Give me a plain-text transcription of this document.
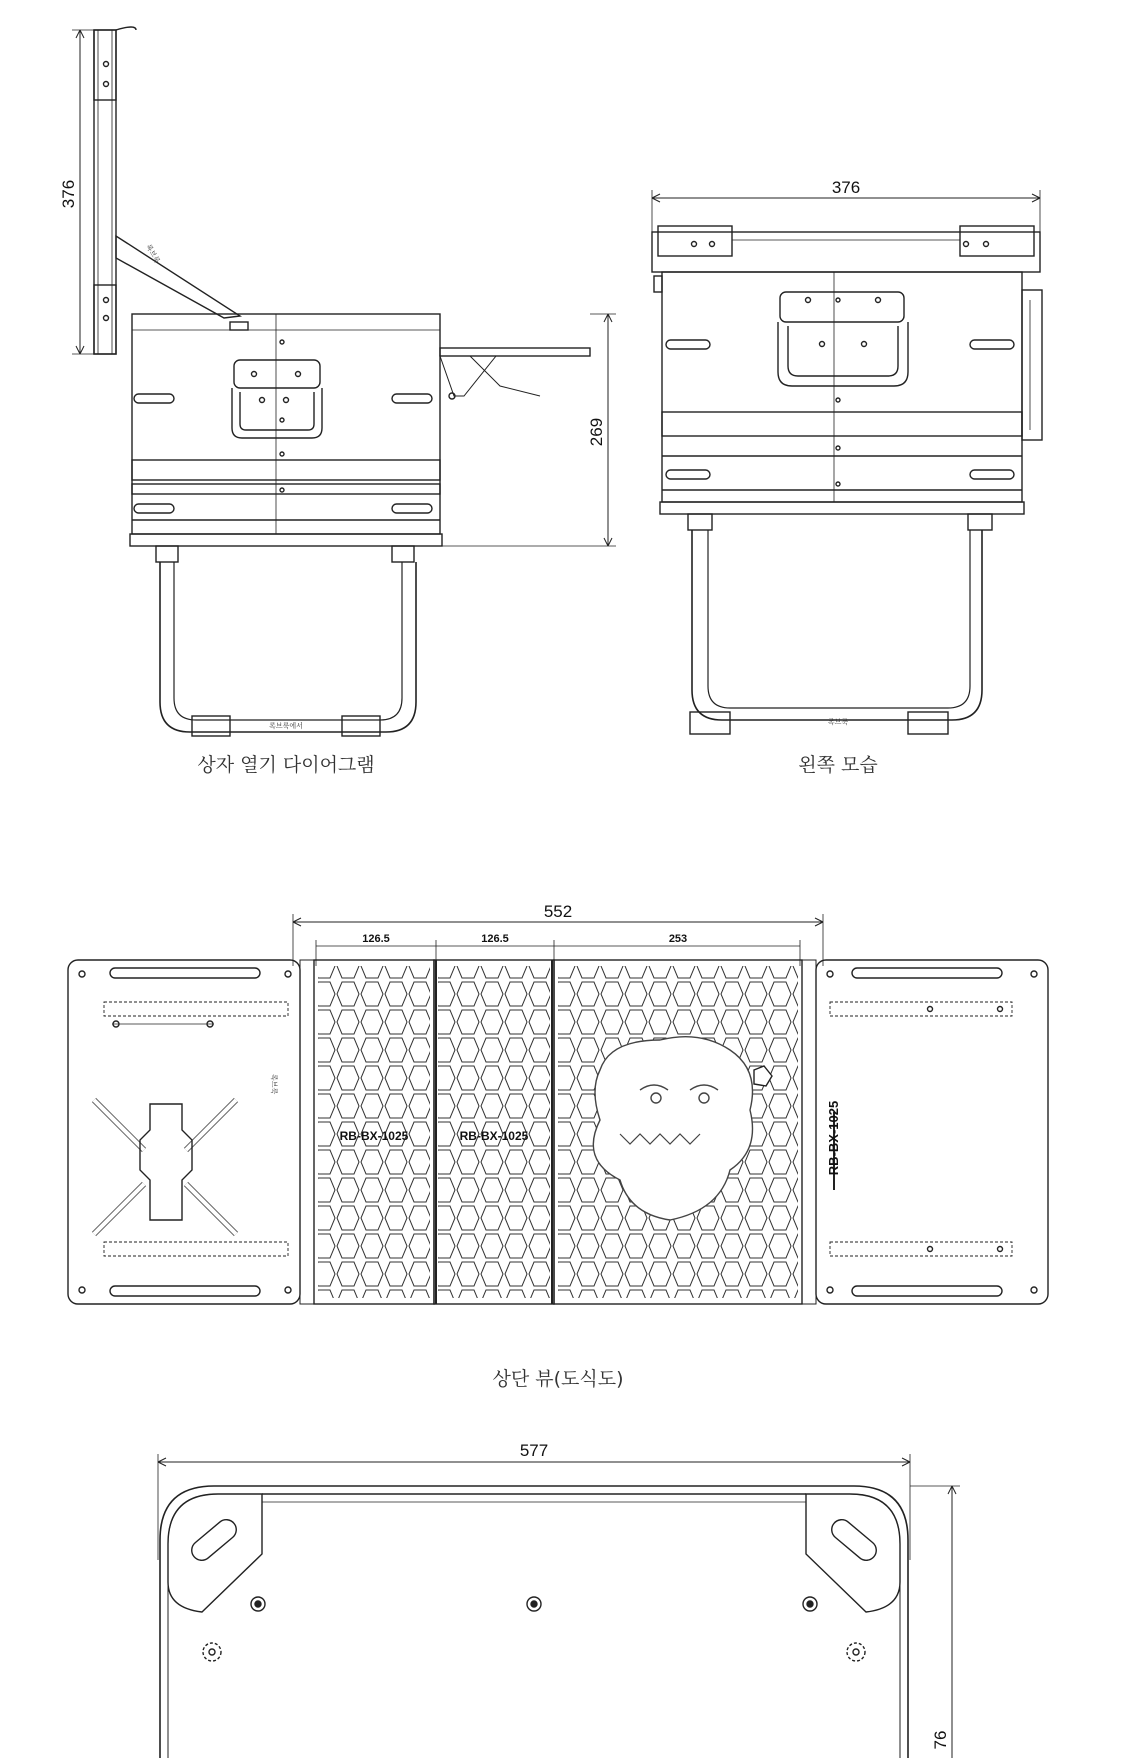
376
269
376
552
126.5	126.5	253
577
76
RB-BX-1025	RB-BX-1025	RB-BX-1025
록브룩
록브룩
록브룩에서	록브룩
상자 열기 다이어그램	왼쪽 모습
상단 뷰(도식도)
